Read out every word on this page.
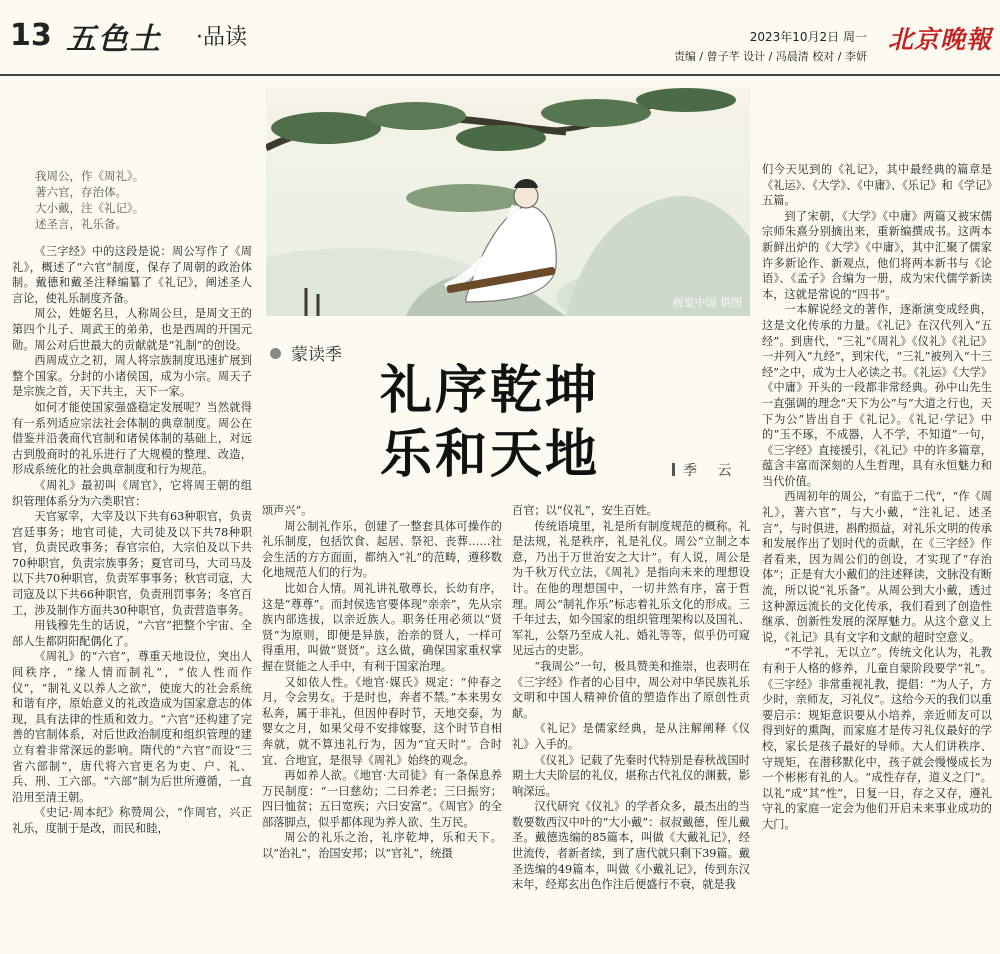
13 五色土 ·品读	2023年10月2日 周一
责编 / 曾子芊 设计 / 冯晨清 校对 / 李妍
北京晚報
视觉中国 供图
我周公，作《周礼》。
著六官，存治体。
大小戴，注《礼记》。
述圣言，礼乐备。
蒙读季
礼序乾坤
乐和天地	季 云

《三字经》中的这段是说：周公写作了《周礼》，概述了“六官”制度，保存了周朝的政治体制。戴德和戴圣注释编纂了《礼记》，阐述圣人言论，使礼乐制度齐备。

周公，姓姬名旦，人称周公旦，是周文王的第四个儿子、周武王的弟弟，也是西周的开国元勋。周公对后世最大的贡献就是“礼制”的创设。

西周成立之初，周人将宗族制度迅速扩展到整个国家。分封的小诸侯国，成为小宗。周天子是宗族之首，天下共主，天下一家。

如何才能使国家强盛稳定发展呢？当然就得有一系列适应宗法社会体制的典章制度。周公在借鉴并沿袭商代官制和诸侯体制的基础上，对远古到殷商时的礼乐进行了大规模的整理、改造，形成系统化的社会典章制度和行为规范。

《周礼》最初叫《周官》，它将周王朝的组织管理体系分为六类职官：

天官冢宰，大宰及以下共有63种职官，负责宫廷事务；地官司徒，大司徒及以下共78种职官，负责民政事务；春官宗伯，大宗伯及以下共70种职官，负责宗族事务；夏官司马，大司马及以下共70种职官，负责军事事务；秋官司寇，大司寇及以下共66种职官，负责刑罚事务；冬官百工，涉及制作方面共30种职官，负责营造事务。

用钱穆先生的话说，“六官”把整个宇宙、全部人生都阴阳配偶化了。

《周礼》的“六官”，尊重天地设位，突出人间秩序，“缘人情而制礼”，“依人性而作仪”，“制礼义以养人之欲”，使庞大的社会系统和谐有序，原始意义的礼改造成为国家意志的体现，具有法律的性质和效力。“六官”还构建了完善的官制体系，对后世政治制度和组织管理的建立有着非常深远的影响。隋代的“六官”而设“三省六部制”，唐代将六官更名为吏、户、礼、兵、刑、工六部。“六部”制为后世所遵循，一直沿用至清王朝。

《史记·周本纪》称赞周公，“作周官，兴正礼乐，度制于是改，而民和睦，

颂声兴”。

周公制礼作乐，创建了一整套具体可操作的礼乐制度，包括饮食、起居、祭祀、丧葬……社会生活的方方面面，都纳入“礼”的范畴，遵移数化地规范人们的行为。

比如合人情。周礼讲礼敬尊长，长幼有序，这是“尊尊”。而封侯选官要体现“亲亲”，先从宗族内部选拔，以亲近族人。职务任用必须以“贤贤”为原则，即便是异族，治亲的贤人，一样可得重用，叫做“贤贤”。这么做，确保国家重权掌握在贤能之人手中，有利于国家治理。

又如依人性。《地官·媒氏》规定：“仲春之月，令会男女。于是时也，奔者不禁。”本来男女私奔，属于非礼，但因仲春时节，天地交泰，为婴女之月，如果父母不安排嫁娶，这个时节自相奔就，就不算违礼行为，因为“宜天时”。合时宜、合地宜，是很导《周礼》始终的观念。

再如养人欲。《地官·大司徒》有一条保息养万民制度：“一曰慈幼；二曰养老；三曰振穷；四曰恤贫；五曰宽疾；六曰安富”。《周官》的全部落脚点，似乎都体现为养人欲、生万民。

周公的礼乐之治，礼序乾坤，乐和天下。以“治礼”，治国安邦；以“官礼”，统摄

百官；以“仪礼”，安生百姓。

传统语境里，礼是所有制度规范的概称。礼是法规，礼是秩序，礼是礼仪。周公“立制之本意，乃出于万世治安之大计”。有人说，周公是为千秋万代立法，《周礼》是指向未来的理想设计。在他的理想国中，一切井然有序，富于哲理。周公“制礼作乐”标志着礼乐文化的形成。三千年过去，如今国家的组织管理架构以及国礼、军礼，公祭乃至成人礼、婚礼等等，似乎仍可窥见远古的史影。

“我周公”一句，极具赞美和推崇，也表明在《三字经》作者的心目中，周公对中华民族礼乐文明和中国人精神价值的塑造作出了原创性贡献。

《礼记》是儒家经典，是从注解阐释《仪礼》入手的。

《仪礼》记载了先秦时代特别是春秋战国时期士大夫阶层的礼仪，堪称古代礼仪的渊薮，影响深远。

汉代研究《仪礼》的学者众多，最杰出的当数要数西汉中叶的“大小戴”：叔叔戴德，侄儿戴圣。戴德选编的85篇本，叫做《大戴礼记》，经世流传，者新者续，到了唐代就只剩下39篇。戴圣选编的49篇本，叫做《小戴礼记》，传到东汉末年，经郑玄出色作注后便盛行不衰，就是我

们今天见到的《礼记》，其中最经典的篇章是《礼运》、《大学》、《中庸》、《乐记》和《学记》五篇。

到了宋朝，《大学》《中庸》两篇又被宋儒宗师朱熹分别摘出来，重新编撰成书。这两本新鲜出炉的《大学》《中庸》，其中汇聚了儒家许多新论作、新观点，他们将两本新书与《论语》、《孟子》合编为一册，成为宋代儒学新读本，这就是常说的“四书”。

一本解说经文的著作，逐渐演变成经典，这是文化传承的力量。《礼记》在汉代列入“五经”。到唐代，“三礼”《周礼》《仪礼》《礼记》一并列入“九经”，到宋代，“三礼”被列入“十三经”之中，成为士人必读之书。《礼运》《大学》《中庸》开头的一段都非常经典。孙中山先生一直强调的理念“天下为公”与“大道之行也，天下为公”皆出自于《礼记》。《礼记·学记》中的“玉不琢，不成器，人不学，不知道”一句，《三字经》直接援引，《礼记》中的许多篇章，蕴含丰富而深刻的人生哲理，具有永恒魅力和当代价值。

西周初年的周公，“有监于二代”，“作《周礼》，著六官”，与大小戴，“注礼记、述圣言”，与时俱进，斟酌损益，对礼乐文明的传承和发展作出了划时代的贡献，在《三字经》作者看来，因为周公们的创设，才实现了“存治体”；正是有大小戴们的注述释读，文脉没有断流，所以说“礼乐备”。从周公到大小戴，透过这种源远流长的文化传承，我们看到了创造性继承、创新性发展的深厚魅力。从这个意义上说，《礼记》具有文字和文献的超时空意义。

“不学礼，无以立”。传统文化认为，礼教有利于人格的修养，儿童自蒙阶段要学“礼”。《三字经》非常重视礼教，提倡：“为人子，方少时，亲师友，习礼仪”。这给今天的我们以重要启示：规矩意识要从小培养，亲近师友可以得到好的熏陶，而家庭才是传习礼仪最好的学校，家长是孩子最好的导师。大人们讲秩序、守规矩，在潜移默化中，孩子就会慢慢成长为一个彬彬有礼的人。“成性存存，道义之门”。以礼“成”其“性”，日复一日，存之又存，遵礼守礼的家庭一定会为他们开启未来事业成功的大门。
